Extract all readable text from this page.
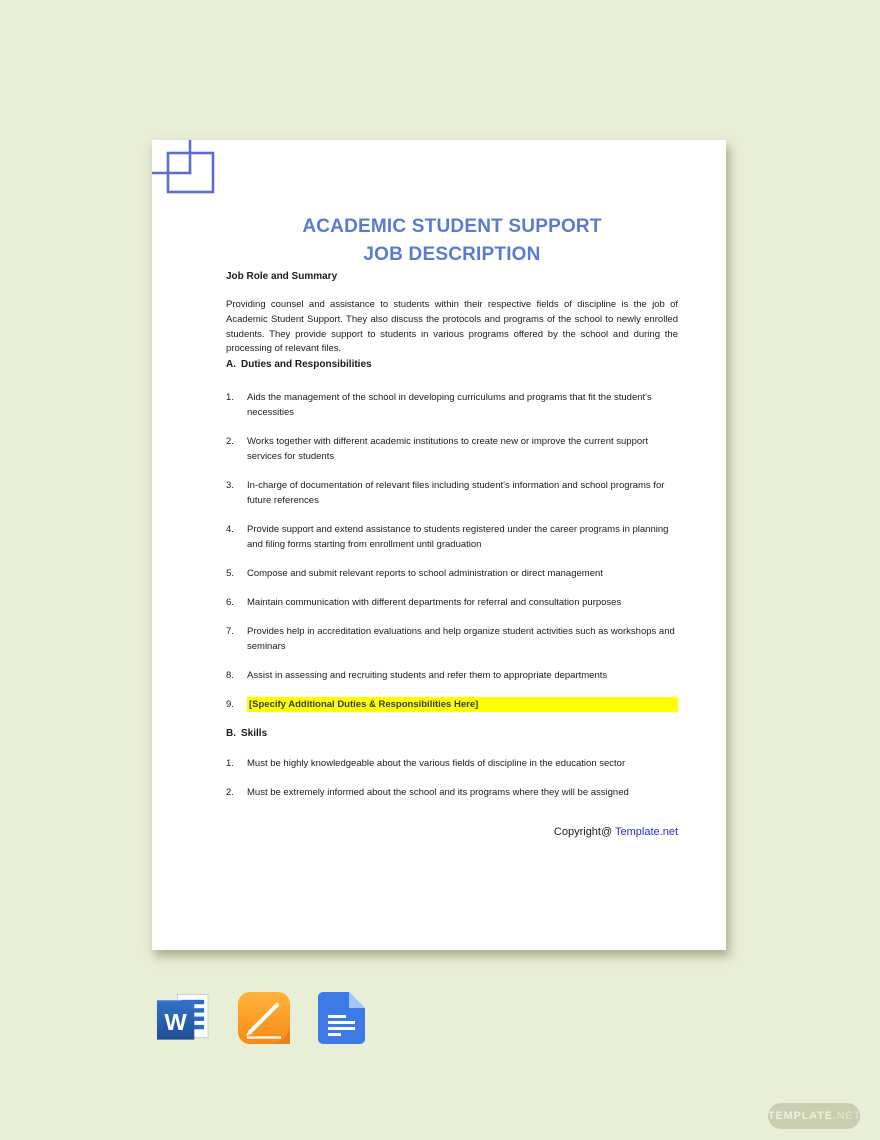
ACADEMIC STUDENT SUPPORT
JOB DESCRIPTION
Job Role and Summary

Providing counsel and assistance to students within their respective fields of discipline is the job of Academic Student Support. They also discuss the protocols and programs of the school to newly enrolled students. They provide support to students in various programs offered by the school and during the processing of relevant files.

A. Duties and Responsibilities
1.	Aids the management of the school in developing curriculums and programs that fit the student's necessities
2.	Works together with different academic institutions to create new or improve the current support services for students
3.	In-charge of documentation of relevant files including student's information and school programs for future references
4.	Provide support and extend assistance to students registered under the career programs in planning and filing forms starting from enrollment until graduation
5.	Compose and submit relevant reports to school administration or direct management
6.	Maintain communication with different departments for referral and consultation purposes
7.	Provides help in accreditation evaluations and help organize student activities such as workshops and seminars
8.	Assist in assessing and recruiting students and refer them to appropriate departments
9.	[Specify Additional Duties & Responsibilities Here]
B. Skills
1.	Must be highly knowledgeable about the various fields of discipline in the education sector
2.	Must be extremely informed about the school and its programs where they will be assigned
Copyright@ Template.net
W
TEMPLATE.NET
